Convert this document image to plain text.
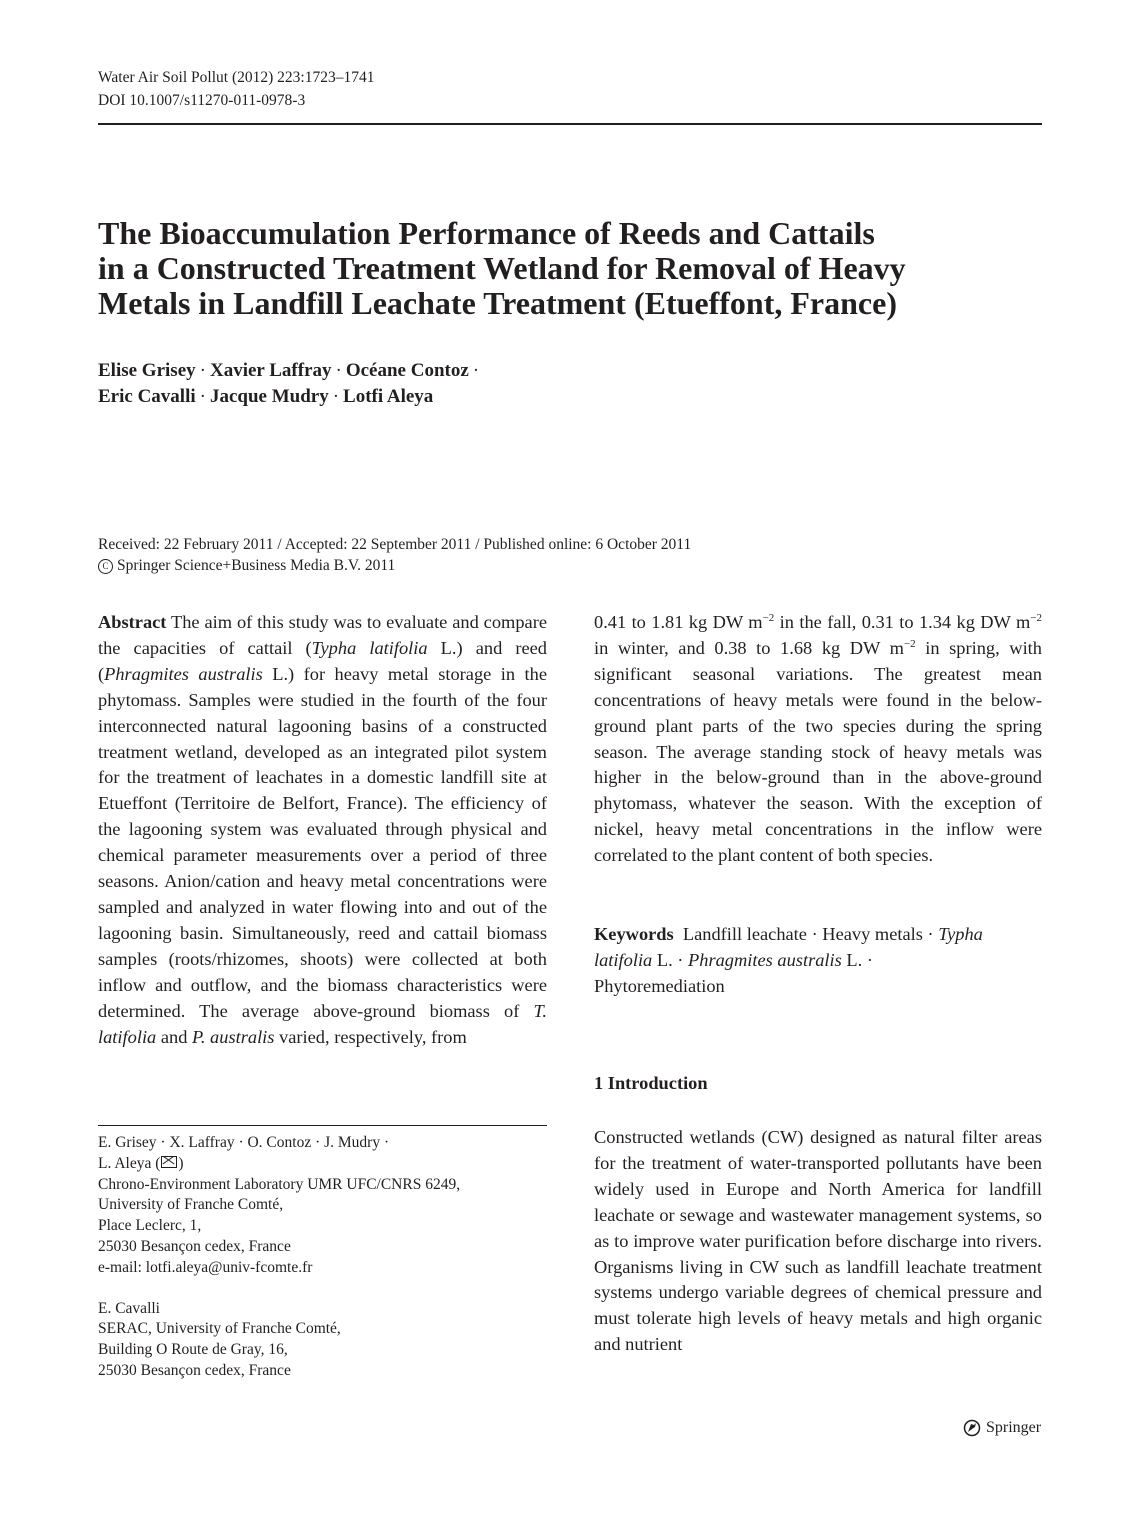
Water Air Soil Pollut (2012) 223:1723–1741
DOI 10.1007/s11270-011-0978-3
The Bioaccumulation Performance of Reeds and Cattails
in a Constructed Treatment Wetland for Removal of Heavy
Metals in Landfill Leachate Treatment (Etueffont, France)
Elise Grisey · Xavier Laffray · Océane Contoz ·
Eric Cavalli · Jacque Mudry · Lotfi Aleya
Received: 22 February 2011 / Accepted: 22 September 2011 / Published online: 6 October 2011
C Springer Science+Business Media B.V. 2011
Abstract The aim of this study was to evaluate and compare the capacities of cattail (Typha latifolia L.) and reed (Phragmites australis L.) for heavy metal storage in the phytomass. Samples were studied in the fourth of the four interconnected natural lagooning basins of a constructed treatment wetland, developed as an integrated pilot system for the treatment of leachates in a domestic landfill site at Etueffont (Territoire de Belfort, France). The efficiency of the lagooning system was evaluated through physical and chemical parameter measurements over a period of three seasons. Anion/cation and heavy metal concentrations were sampled and analyzed in water flowing into and out of the lagooning basin. Simultaneously, reed and cattail biomass samples (roots/rhizomes, shoots) were collected at both inflow and outflow, and the biomass characteristics were determined. The average above-ground biomass of T. latifolia and P. australis varied, respectively, from
0.41 to 1.81 kg DW $m^{-2}$ in the fall, 0.31 to 1.34 kg DW $m^{-2}$ in winter, and 0.38 to 1.68 kg DW $m^{-2}$ in spring, with significant seasonal variations. The greatest mean concentrations of heavy metals were found in the below-ground plant parts of the two species during the spring season. The average standing stock of heavy metals was higher in the below-ground than in the above-ground phytomass, whatever the season. With the exception of nickel, heavy metal concentrations in the inflow were correlated to the plant content of both species.
Keywords Landfill leachate · Heavy metals · Typha latifolia L. · Phragmites australis L. ·
Phytoremediation
1 Introduction
Constructed wetlands (CW) designed as natural filter areas for the treatment of water-transported pollutants have been widely used in Europe and North America for landfill leachate or sewage and wastewater management systems, so as to improve water purification before discharge into rivers. Organisms living in CW such as landfill leachate treatment systems undergo variable degrees of chemical pressure and must tolerate high levels of heavy metals and high organic and nutrient
E. Grisey · X. Laffray · O. Contoz · J. Mudry ·
L. Aleya ( )
Chrono-Environment Laboratory UMR UFC/CNRS 6249,
University of Franche Comté,
Place Leclerc, 1,
25030 Besançon cedex, France
e-mail: lotfi.aleya@univ-fcomte.fr
E. Cavalli
SERAC, University of Franche Comté,
Building O Route de Gray, 16,
25030 Besançon cedex, France
Springer
